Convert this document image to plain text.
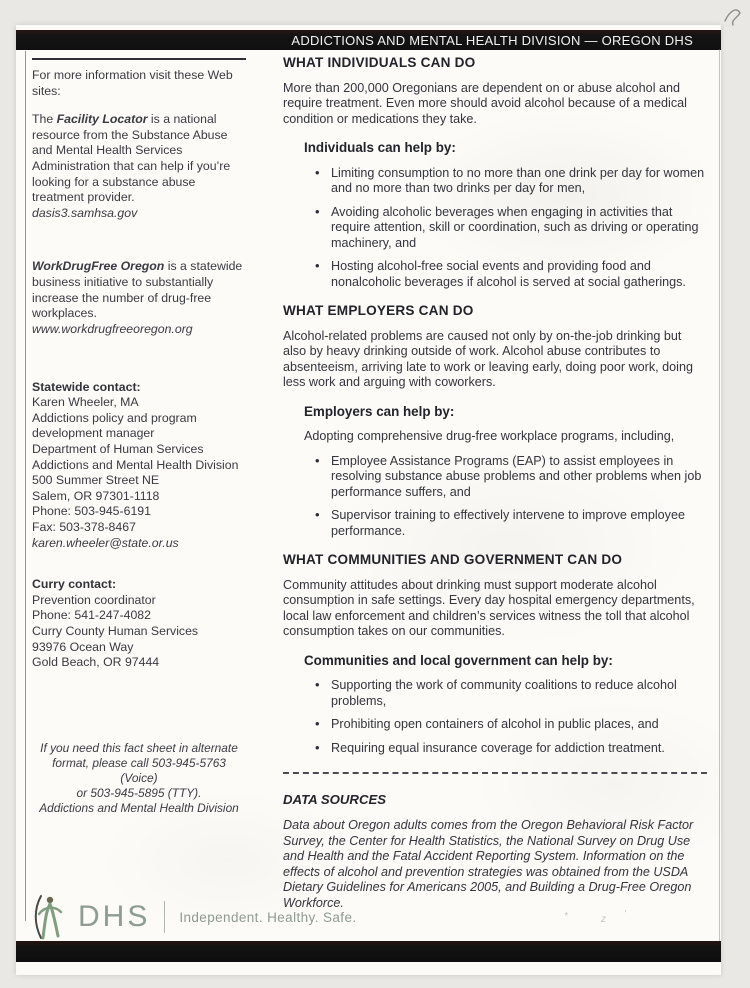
ADDICTIONS AND MENTAL HEALTH DIVISION — OREGON DHS

For more information visit these Web sites:

The Facility Locator is a national resource from the Substance Abuse and Mental Health Services Administration that can help if you’re looking for a substance abuse treatment provider.
dasis3.samhsa.gov

WorkDrugFree Oregon is a statewide business initiative to substantially increase the number of drug-free workplaces.
www.workdrugfreeoregon.org

Statewide contact:
Karen Wheeler, MA
Addictions policy and program
development manager
Department of Human Services
Addictions and Mental Health Division
500 Summer Street NE
Salem, OR 97301-1118
Phone: 503-945-6191
Fax: 503-378-8467
karen.wheeler@state.or.us
Curry contact:
Prevention coordinator
Phone: 541-247-4082
Curry County Human Services
93976 Ocean Way
Gold Beach, OR 97444
If you need this fact sheet in alternate
format, please call 503-945-5763 (Voice)
or 503-945-5895 (TTY).
Addictions and Mental Health Division
WHAT INDIVIDUALS CAN DO

More than 200,000 Oregonians are dependent on or abuse alcohol and require treatment. Even more should avoid alcohol because of a medical condition or medications they take.

Individuals can help by:
• Limiting consumption to no more than one drink per day for women and no more than two drinks per day for men,
• Avoiding alcoholic beverages when engaging in activities that require attention, skill or coordination, such as driving or operating machinery, and
• Hosting alcohol-free social events and providing food and nonalcoholic beverages if alcohol is served at social gatherings.
WHAT EMPLOYERS CAN DO

Alcohol-related problems are caused not only by on-the-job drinking but also by heavy drinking outside of work. Alcohol abuse contributes to absenteeism, arriving late to work or leaving early, doing poor work, doing less work and arguing with coworkers.

Employers can help by:

Adopting comprehensive drug-free workplace programs, including,

• Employee Assistance Programs (EAP) to assist employees in resolving substance abuse problems and other problems when job performance suffers, and
• Supervisor training to effectively intervene to improve employee performance.
WHAT COMMUNITIES AND GOVERNMENT CAN DO

Community attitudes about drinking must support moderate alcohol consumption in safe settings. Every day hospital emergency departments, local law enforcement and children’s services witness the toll that alcohol consumption takes on our communities.

Communities and local government can help by:
• Supporting the work of community coalitions to reduce alcohol problems,
• Prohibiting open containers of alcohol in public places, and
• Requiring equal insurance coverage for addiction treatment.
DATA SOURCES

Data about Oregon adults comes from the Oregon Behavioral Risk Factor Survey, the Center for Health Statistics, the National Survey on Drug Use and Health and the Fatal Accident Reporting System. Information on the effects of alcohol and prevention strategies was obtained from the USDA Dietary Guidelines for Americans 2005, and Building a Drug-Free Oregon Workforce.

DHS Independent. Healthy. Safe.	*	z '
